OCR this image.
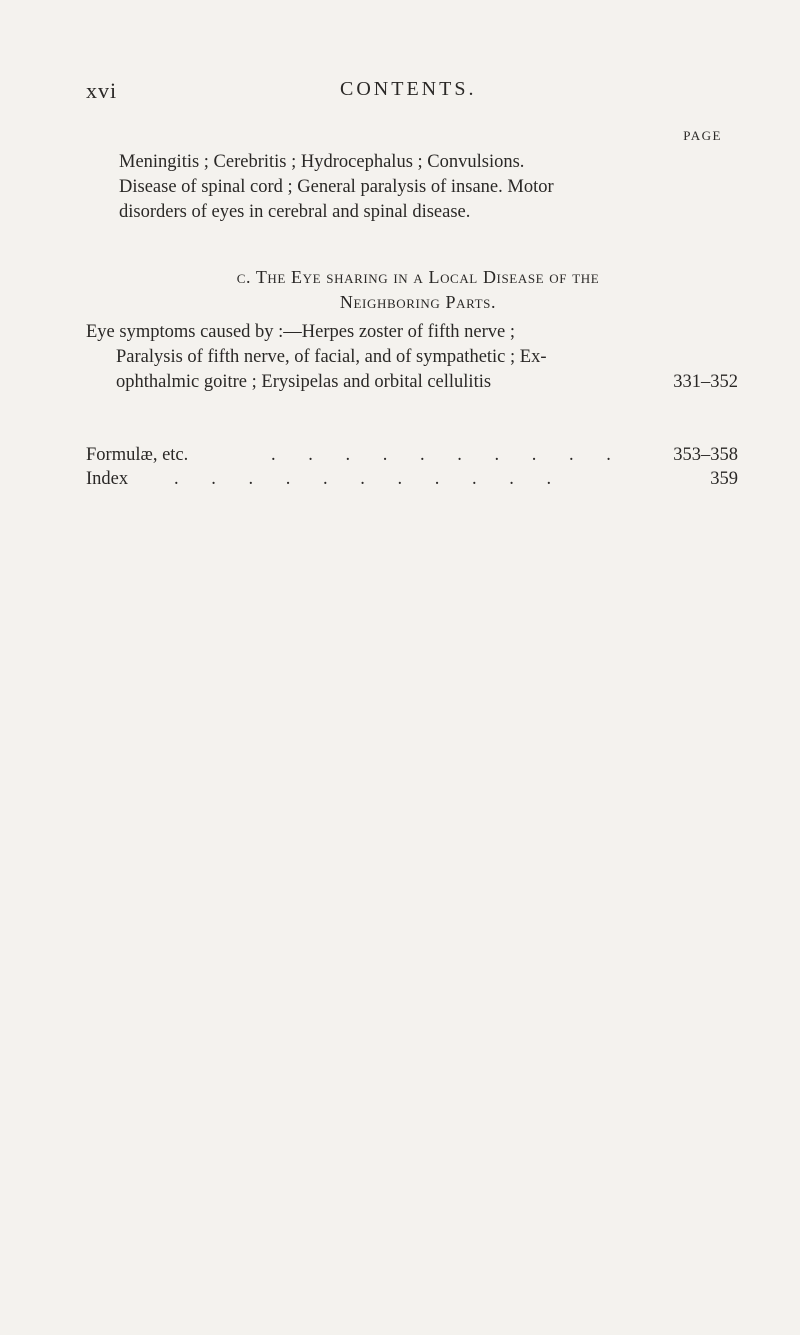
xvi	CONTENTS.
PAGE
Meningitis ; Cerebritis ; Hydrocephalus ; Convulsions.
Disease of spinal cord ; General paralysis of insane. Motor
disorders of eyes in cerebral and spinal disease.
c. The Eye sharing in a Local Disease of the
Neighboring Parts.
Eye symptoms caused by :—Herpes zoster of fifth nerve ;
Paralysis of fifth nerve, of facial, and of sympathetic ; Ex-
ophthalmic goitre ; Erysipelas and orbital cellulitis	331–352
Formulæ, etc.	. . . . . . . . . .	353–358
Index . . . . . . . . . . .	359
